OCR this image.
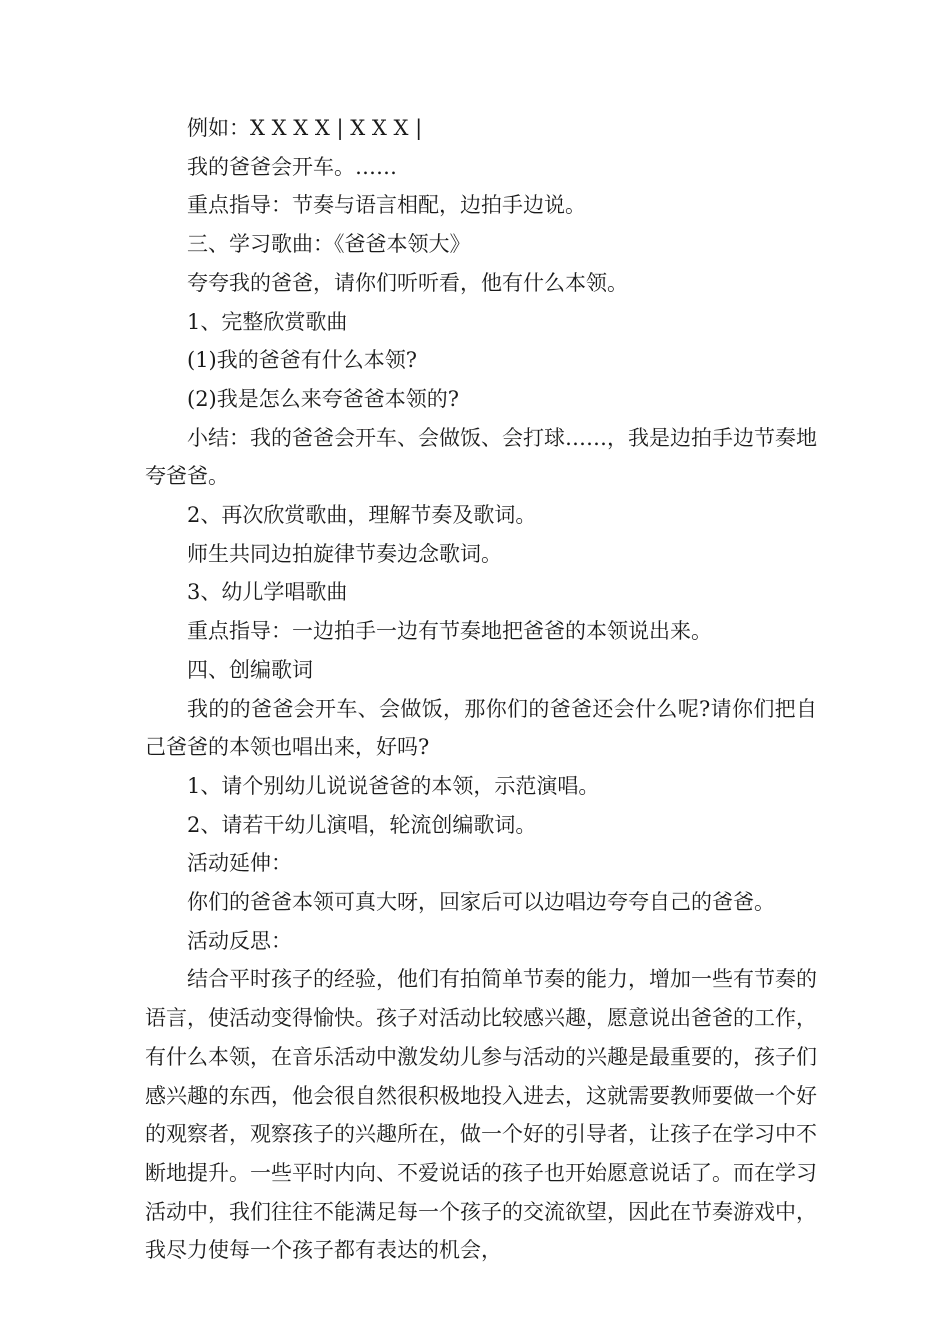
例如：X X X X | X X X |

我的爸爸会开车。……

重点指导：节奏与语言相配，边拍手边说。

三、学习歌曲：《爸爸本领大》

夸夸我的爸爸，请你们听听看，他有什么本领。

1、完整欣赏歌曲

(1)我的爸爸有什么本领?

(2)我是怎么来夸爸爸本领的?

小结：我的爸爸会开车、会做饭、会打球……，我是边拍手边节奏地夸爸爸。

2、再次欣赏歌曲，理解节奏及歌词。

师生共同边拍旋律节奏边念歌词。

3、幼儿学唱歌曲

重点指导：一边拍手一边有节奏地把爸爸的本领说出来。

四、创编歌词

我的的爸爸会开车、会做饭，那你们的爸爸还会什么呢?请你们把自己爸爸的本领也唱出来，好吗?

1、请个别幼儿说说爸爸的本领，示范演唱。

2、请若干幼儿演唱，轮流创编歌词。

活动延伸：

你们的爸爸本领可真大呀，回家后可以边唱边夸夸自己的爸爸。

活动反思：

结合平时孩子的经验，他们有拍简单节奏的能力，增加一些有节奏的语言，使活动变得愉快。孩子对活动比较感兴趣，愿意说出爸爸的工作，有什么本领，在音乐活动中激发幼儿参与活动的兴趣是最重要的，孩子们感兴趣的东西，他会很自然很积极地投入进去，这就需要教师要做一个好的观察者，观察孩子的兴趣所在，做一个好的引导者，让孩子在学习中不断地提升。一些平时内向、不爱说话的孩子也开始愿意说话了。而在学习活动中，我们往往不能满足每一个孩子的交流欲望，因此在节奏游戏中，我尽力使每一个孩子都有表达的机会，
